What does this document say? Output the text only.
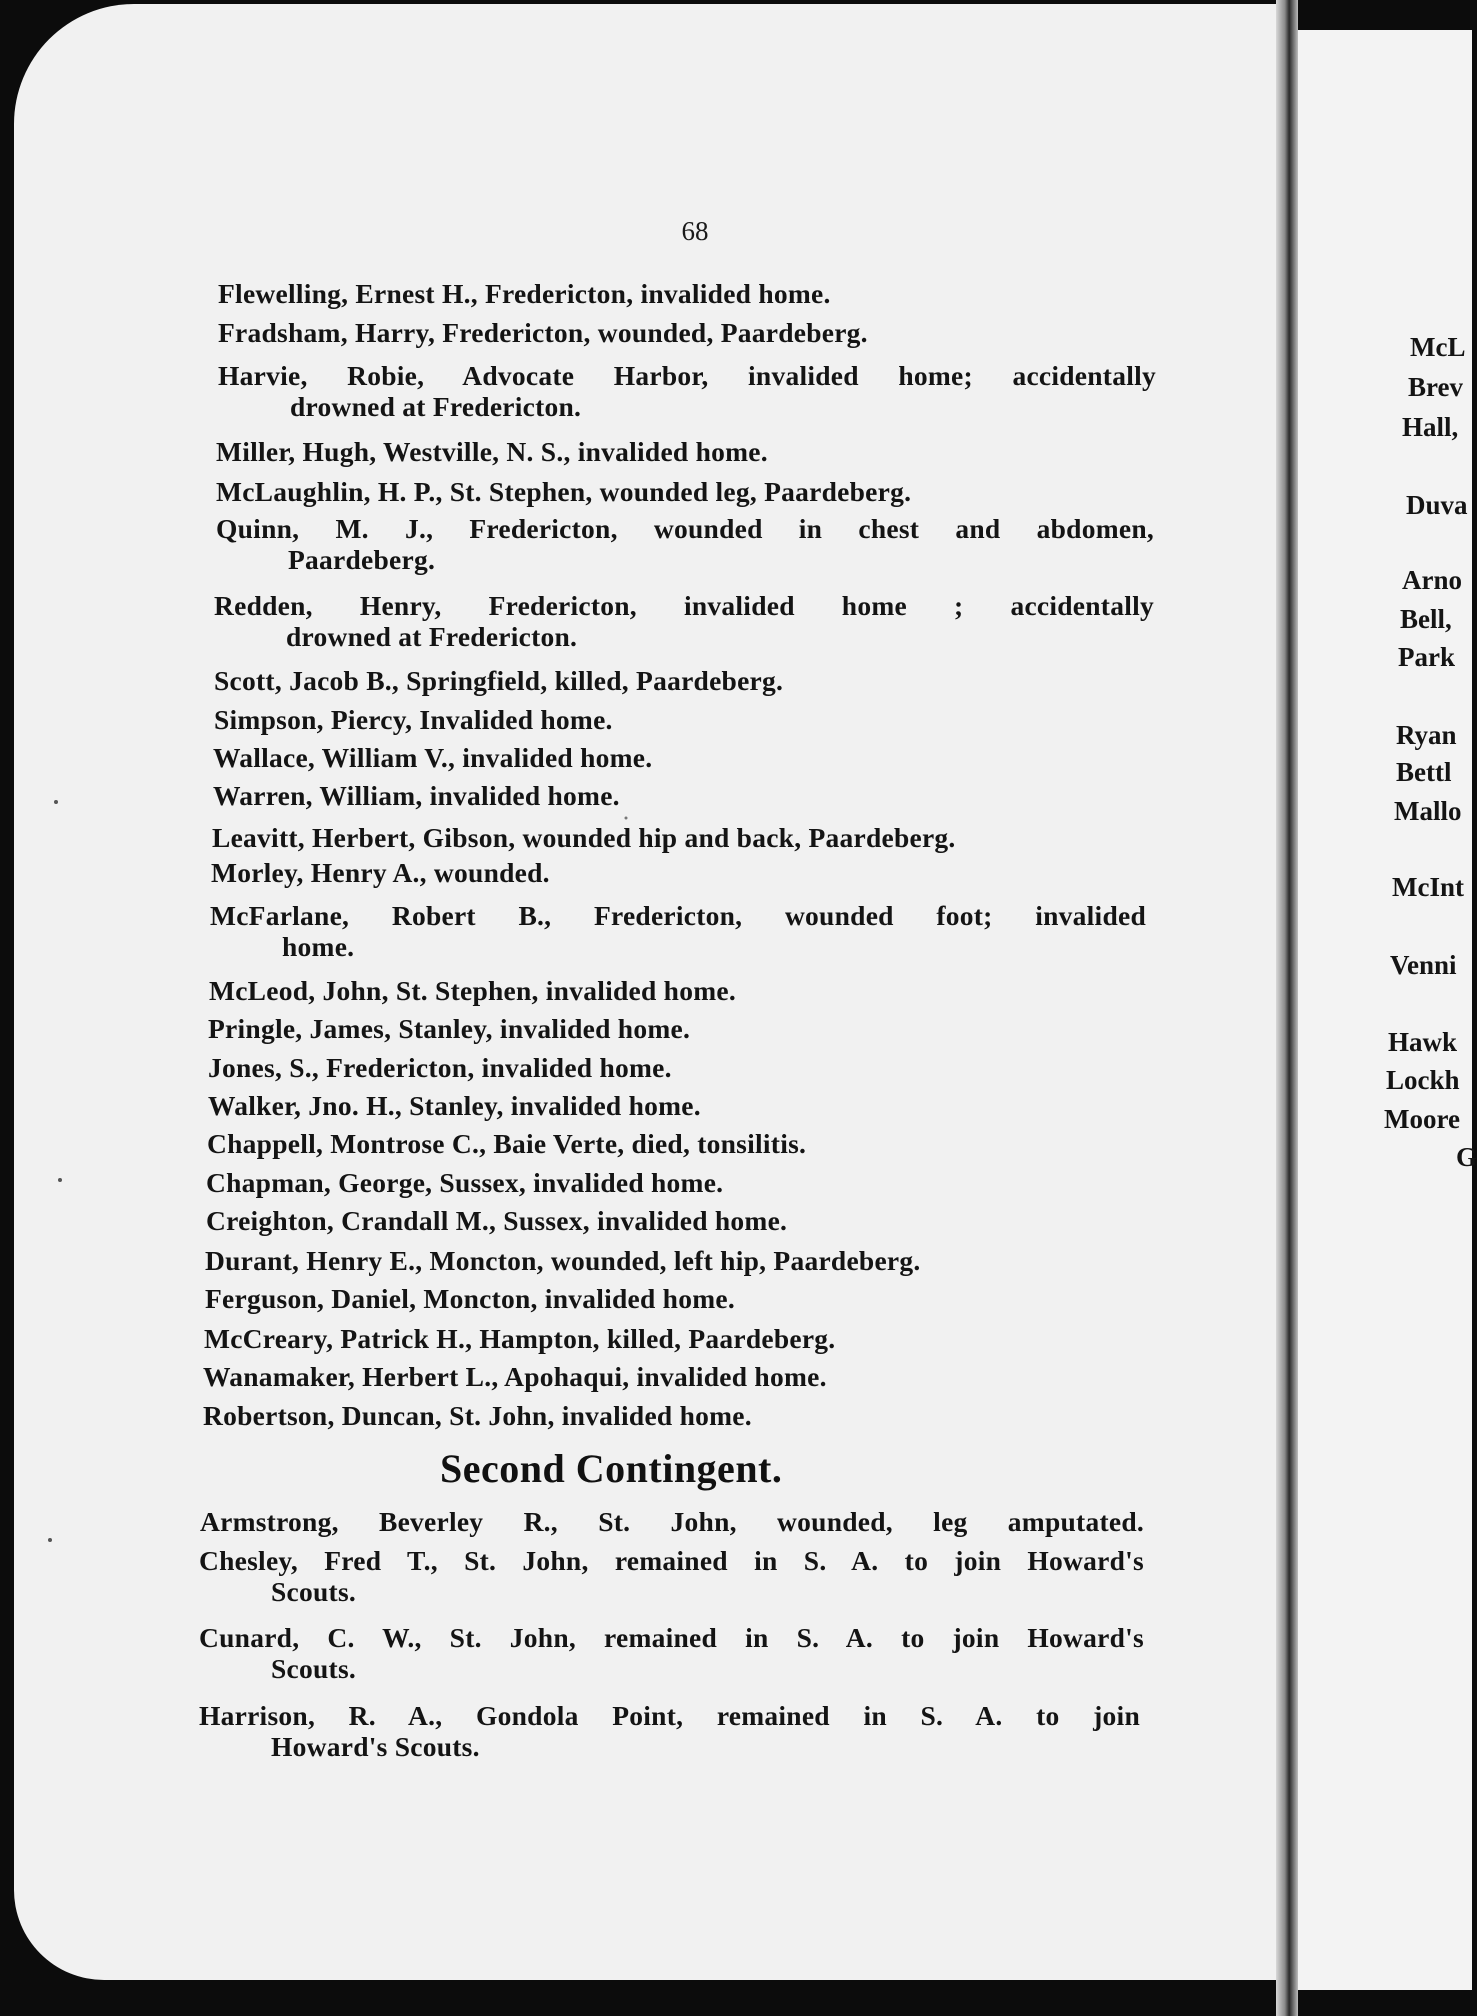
68

Flewelling, Ernest H., Fredericton, invalided home.

Fradsham, Harry, Fredericton, wounded, Paardeberg.

Harvie, Robie, Advocate Harbor, invalided home; accidentally
drowned at Fredericton.

Miller, Hugh, Westville, N. S., invalided home.

McLaughlin, H. P., St. Stephen, wounded leg, Paardeberg.

Quinn, M. J., Fredericton, wounded in chest and abdomen,
Paardeberg.

Redden, Henry, Fredericton, invalided home ; accidentally
drowned at Fredericton.

Scott, Jacob B., Springfield, killed, Paardeberg.

Simpson, Piercy, Invalided home.

Wallace, William V., invalided home.

Warren, William, invalided home.

Leavitt, Herbert, Gibson, wounded hip and back, Paardeberg.

Morley, Henry A., wounded.

McFarlane, Robert B., Fredericton, wounded foot; invalided
home.

McLeod, John, St. Stephen, invalided home.

Pringle, James, Stanley, invalided home.

Jones, S., Fredericton, invalided home.

Walker, Jno. H., Stanley, invalided home.

Chappell, Montrose C., Baie Verte, died, tonsilitis.

Chapman, George, Sussex, invalided home.

Creighton, Crandall M., Sussex, invalided home.

Durant, Henry E., Moncton, wounded, left hip, Paardeberg.

Ferguson, Daniel, Moncton, invalided home.

McCreary, Patrick H., Hampton, killed, Paardeberg.

Wanamaker, Herbert L., Apohaqui, invalided home.

Robertson, Duncan, St. John, invalided home.

Second Contingent.

Armstrong, Beverley R., St. John, wounded, leg amputated.

Chesley, Fred T., St. John, remained in S. A. to join Howard's
Scouts.

Cunard, C. W., St. John, remained in S. A. to join Howard's
Scouts.

Harrison, R. A., Gondola Point, remained in S. A. to join
Howard's Scouts.

McL

Brev

Hall,

Duva

Arno

Bell,

Park

Ryan

Bettl

Mallo

McInt

Venni

Hawk

Lockh

Moore

G
